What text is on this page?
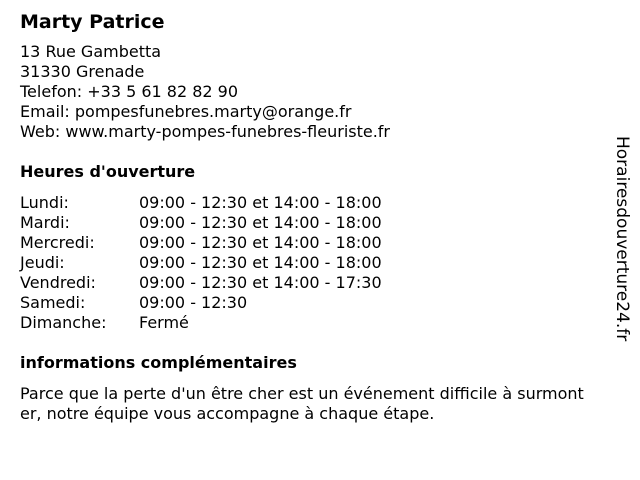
Marty Patrice
13 Rue Gambetta
31330 Grenade
Telefon: +33 5 61 82 82 90
Email: pompesfunebres.marty@orange.fr
Web: www.marty-pompes-funebres-fleuriste.fr
Heures d'ouverture
Lundi:	09:00 - 12:30 et 14:00 - 18:00
Mardi:	09:00 - 12:30 et 14:00 - 18:00
Mercredi:	09:00 - 12:30 et 14:00 - 18:00
Jeudi:	09:00 - 12:30 et 14:00 - 18:00
Vendredi:	09:00 - 12:30 et 14:00 - 17:30
Samedi:	09:00 - 12:30
Dimanche:	Fermé
informations complémentaires
Parce que la perte d'un être cher est un événement difficile à surmonter, notre équipe vous accompagne à chaque étape.
Horairesdouverture24.fr
